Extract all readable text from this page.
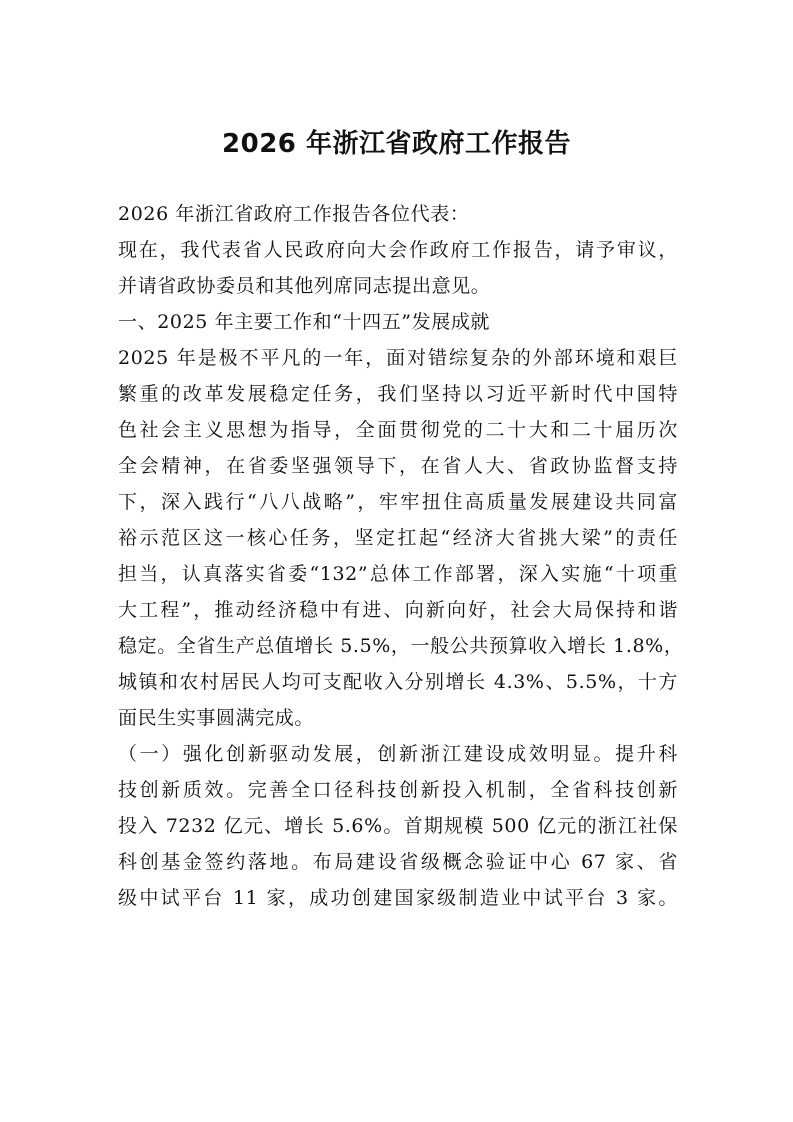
2026 年浙江省政府工作报告
2026 年浙江省政府工作报告各位代表：
现在，我代表省人民政府向大会作政府工作报告，请予审议，
并请省政协委员和其他列席同志提出意见。
一、2025 年主要工作和“十四五”发展成就
2025 年是极不平凡的一年，面对错综复杂的外部环境和艰巨
繁重的改革发展稳定任务，我们坚持以习近平新时代中国特
色社会主义思想为指导，全面贯彻党的二十大和二十届历次
全会精神，在省委坚强领导下，在省人大、省政协监督支持
下，深入践行“八八战略”，牢牢扭住高质量发展建设共同富
裕示范区这一核心任务，坚定扛起“经济大省挑大梁”的责任
担当，认真落实省委“132”总体工作部署，深入实施“十项重
大工程”，推动经济稳中有进、向新向好，社会大局保持和谐
稳定。全省生产总值增长 5.5%，一般公共预算收入增长 1.8%，
城镇和农村居民人均可支配收入分别增长 4.3%、5.5%，十方
面民生实事圆满完成。
（一）强化创新驱动发展，创新浙江建设成效明显。提升科
技创新质效。完善全口径科技创新投入机制，全省科技创新
投入 7232 亿元、增长 5.6%。首期规模 500 亿元的浙江社保
科创基金签约落地。布局建设省级概念验证中心 67 家、省
级中试平台 11 家，成功创建国家级制造业中试平台 3 家。
